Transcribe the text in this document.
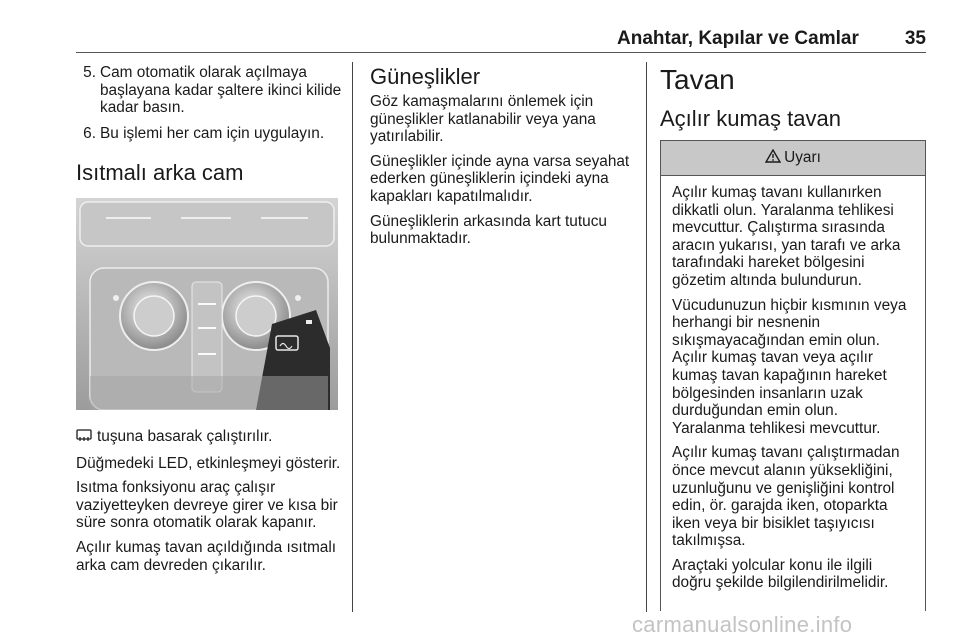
Anahtar, Kapılar ve Camlar 35
5. Cam otomatik olarak açılmaya başlayana kadar şaltere ikinci kilide kadar basın.
6. Bu işlemi her cam için uygulayın.
Isıtmalı arka cam

tuşuna basarak çalıştırılır.

Düğmedeki LED, etkinleşmeyi gösterir.

Isıtma fonksiyonu araç çalışır vaziyetteyken devreye girer ve kısa bir süre sonra otomatik olarak kapanır.

Açılır kumaş tavan açıldığında ısıtmalı arka cam devreden çıkarılır.

Güneşlikler

Göz kamaşmalarını önlemek için güneşlikler katlanabilir veya yana yatırılabilir.

Güneşlikler içinde ayna varsa seyahat ederken güneşliklerin içindeki ayna kapakları kapatılmalıdır.

Güneşliklerin arkasında kart tutucu bulunmaktadır.

Tavan
Açılır kumaş tavan
Uyarı

Açılır kumaş tavanı kullanırken dikkatli olun. Yaralanma tehlikesi mevcuttur. Çalıştırma sırasında aracın yukarısı, yan tarafı ve arka tarafındaki hareket bölgesini gözetim altında bulundurun.

Vücudunuzun hiçbir kısmının veya herhangi bir nesnenin sıkışmayacağından emin olun. Açılır kumaş tavan veya açılır kumaş tavan kapağının hareket bölgesinden insanların uzak durduğundan emin olun. Yaralanma tehlikesi mevcuttur.

Açılır kumaş tavanı çalıştırmadan önce mevcut alanın yüksekliğini, uzunluğunu ve genişliğini kontrol edin, ör. garajda iken, otoparkta iken veya bir bisiklet taşıyıcısı takılmışsa.

Araçtaki yolcular konu ile ilgili doğru şekilde bilgilendirilmelidir.

carmanualsonline.info
